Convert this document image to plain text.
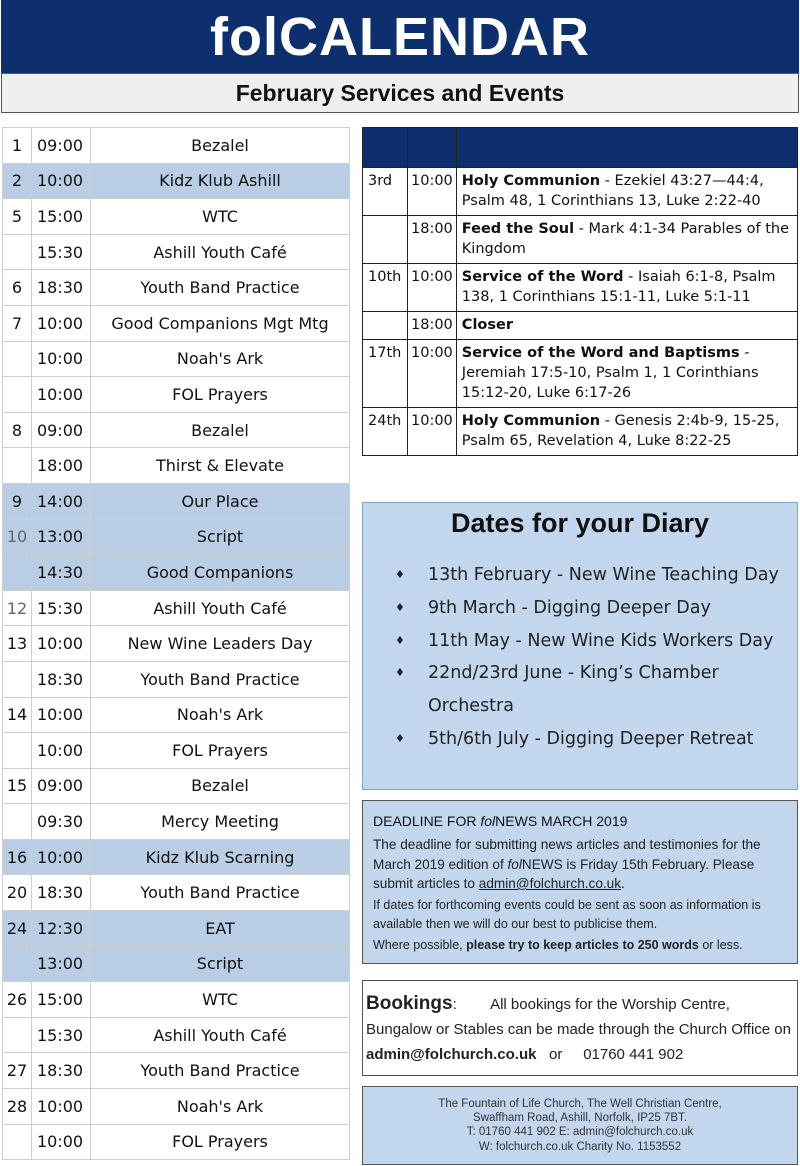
folCALENDAR
February Services and Events
1	09:00	Bezalel
2	10:00	Kidz Klub Ashill
5	15:00	WTC
	15:30	Ashill Youth Café
6	18:30	Youth Band Practice
7	10:00	Good Companions Mgt Mtg
	10:00	Noah's Ark
	10:00	FOL Prayers
8	09:00	Bezalel
	18:00	Thirst & Elevate
9	14:00	Our Place
10	13:00	Script
	14:30	Good Companions
12	15:30	Ashill Youth Café
13	10:00	New Wine Leaders Day
	18:30	Youth Band Practice
14	10:00	Noah's Ark
	10:00	FOL Prayers
15	09:00	Bezalel
	09:30	Mercy Meeting
16	10:00	Kidz Klub Scarning
20	18:30	Youth Band Practice
24	12:30	EAT
	13:00	Script
26	15:00	WTC
	15:30	Ashill Youth Café
27	18:30	Youth Band Practice
28	10:00	Noah's Ark
	10:00	FOL Prayers

3rd	10:00	Holy Communion - Ezekiel 43:27—44:4, Psalm 48, 1 Corinthians 13, Luke 2:22-40
	18:00	Feed the Soul - Mark 4:1-34 Parables of the Kingdom
10th	10:00	Service of the Word - Isaiah 6:1-8, Psalm 138, 1 Corinthians 15:1-11, Luke 5:1-11
	18:00	Closer
17th	10:00	Service of the Word and Baptisms - Jeremiah 17:5-10, Psalm 1, 1 Corinthians 15:12-20, Luke 6:17-26
24th	10:00	Holy Communion - Genesis 2:4b-9, 15-25, Psalm 65, Revelation 4, Luke 8:22-25
Dates for your Diary
♦ 13th February - New Wine Teaching Day
♦ 9th March - Digging Deeper Day
♦ 11th May - New Wine Kids Workers Day
♦ 22nd/23rd June - King’s Chamber Orchestra
♦ 5th/6th July - Digging Deeper Retreat
DEADLINE FOR folNEWS MARCH 2019

The deadline for submitting news articles and testimonies for the March 2019 edition of folNEWS is Friday 15th February. Please submit articles to admin@folchurch.co.uk.

If dates for forthcoming events could be sent as soon as information is available then we will do our best to publicise them.

Where possible, please try to keep articles to 250 words or less.

Bookings: All bookings for the Worship Centre, Bungalow or Stables can be made through the Church Office on admin@folchurch.co.uk or 01760 441 902
The Fountain of Life Church, The Well Christian Centre,
Swaffham Road, Ashill, Norfolk, IP25 7BT.
T: 01760 441 902 E: admin@folchurch.co.uk
W: folchurch.co.uk Charity No. 1153552
